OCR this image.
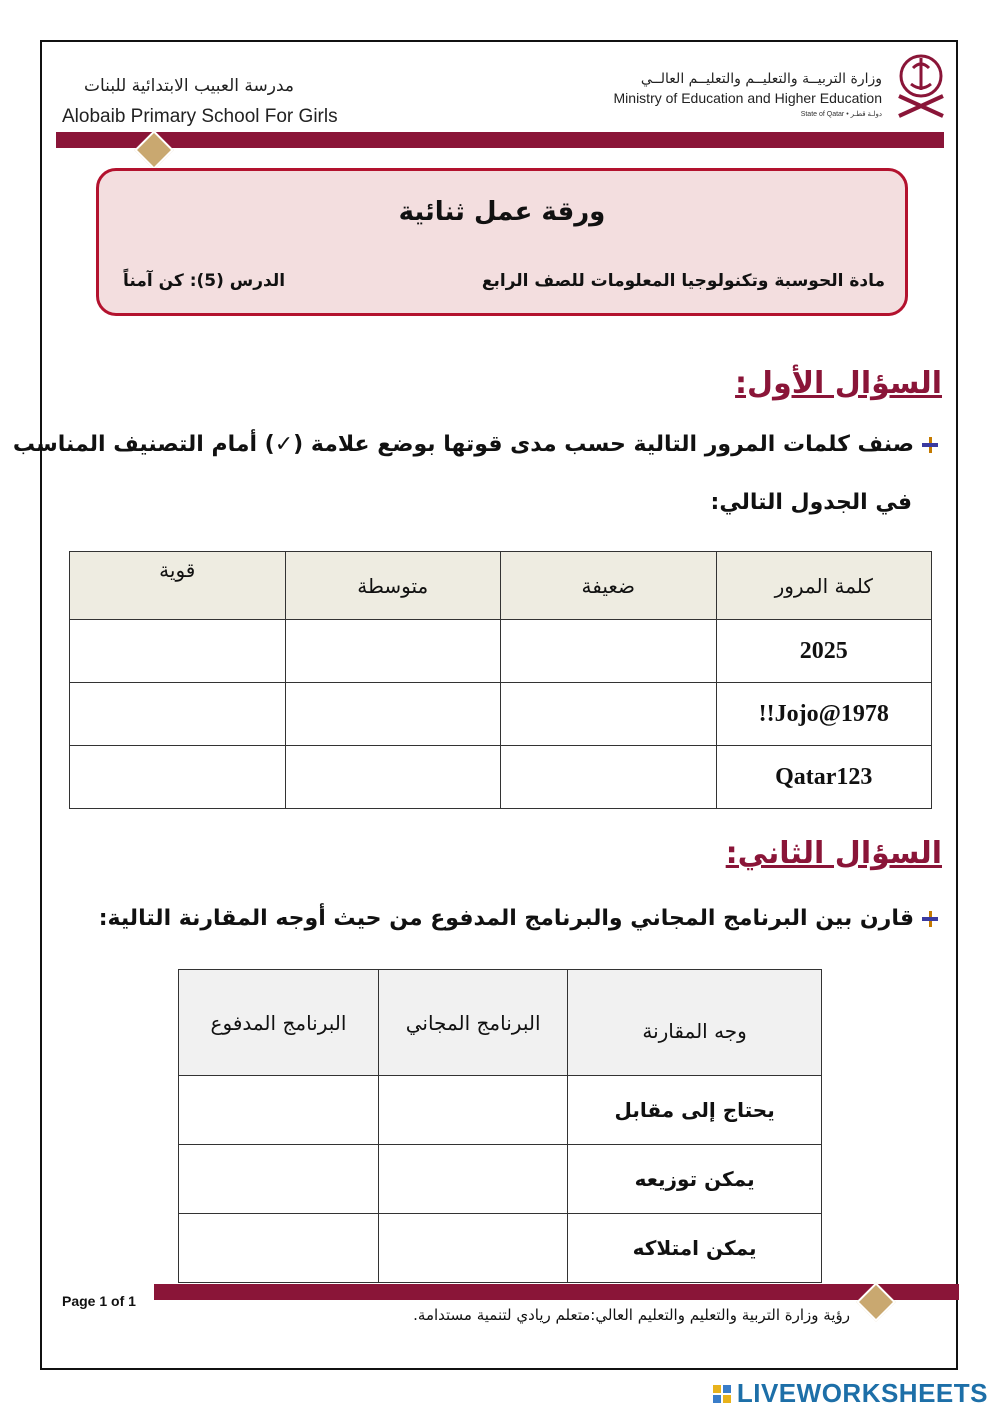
مدرسة العبيب الابتدائية للبنات
Alobaib Primary School For Girls
وزارة التربيــة والتعليــم والتعليــم العالــي
Ministry of Education and Higher Education
State of Qatar • دولـة قطـر
ورقة عمل ثنائية
مادة الحوسبة وتكنولوجيا المعلومات للصف الرابع
الدرس (5): كن آمناً
السؤال الأول:
صنف كلمات المرور التالية حسب مدى قوتها بوضع علامة (✓) أمام التصنيف المناسب
في الجدول التالي:
كلمة المرور	ضعيفة	متوسطة	قوية
2025			
Jojo@1978!!			
Qatar123			
السؤال الثاني:
قارن بين البرنامج المجاني والبرنامج المدفوع من حيث أوجه المقارنة التالية:
وجه المقارنة	البرنامج المجاني	البرنامج المدفوع
يحتاج إلى مقابل		
يمكن توزيعه		
يمكن امتلاكه		
Page 1 of 1
رؤية وزارة التربية والتعليم والتعليم العالي:متعلم ريادي لتنمية مستدامة.
LIVEWORKSHEETS
